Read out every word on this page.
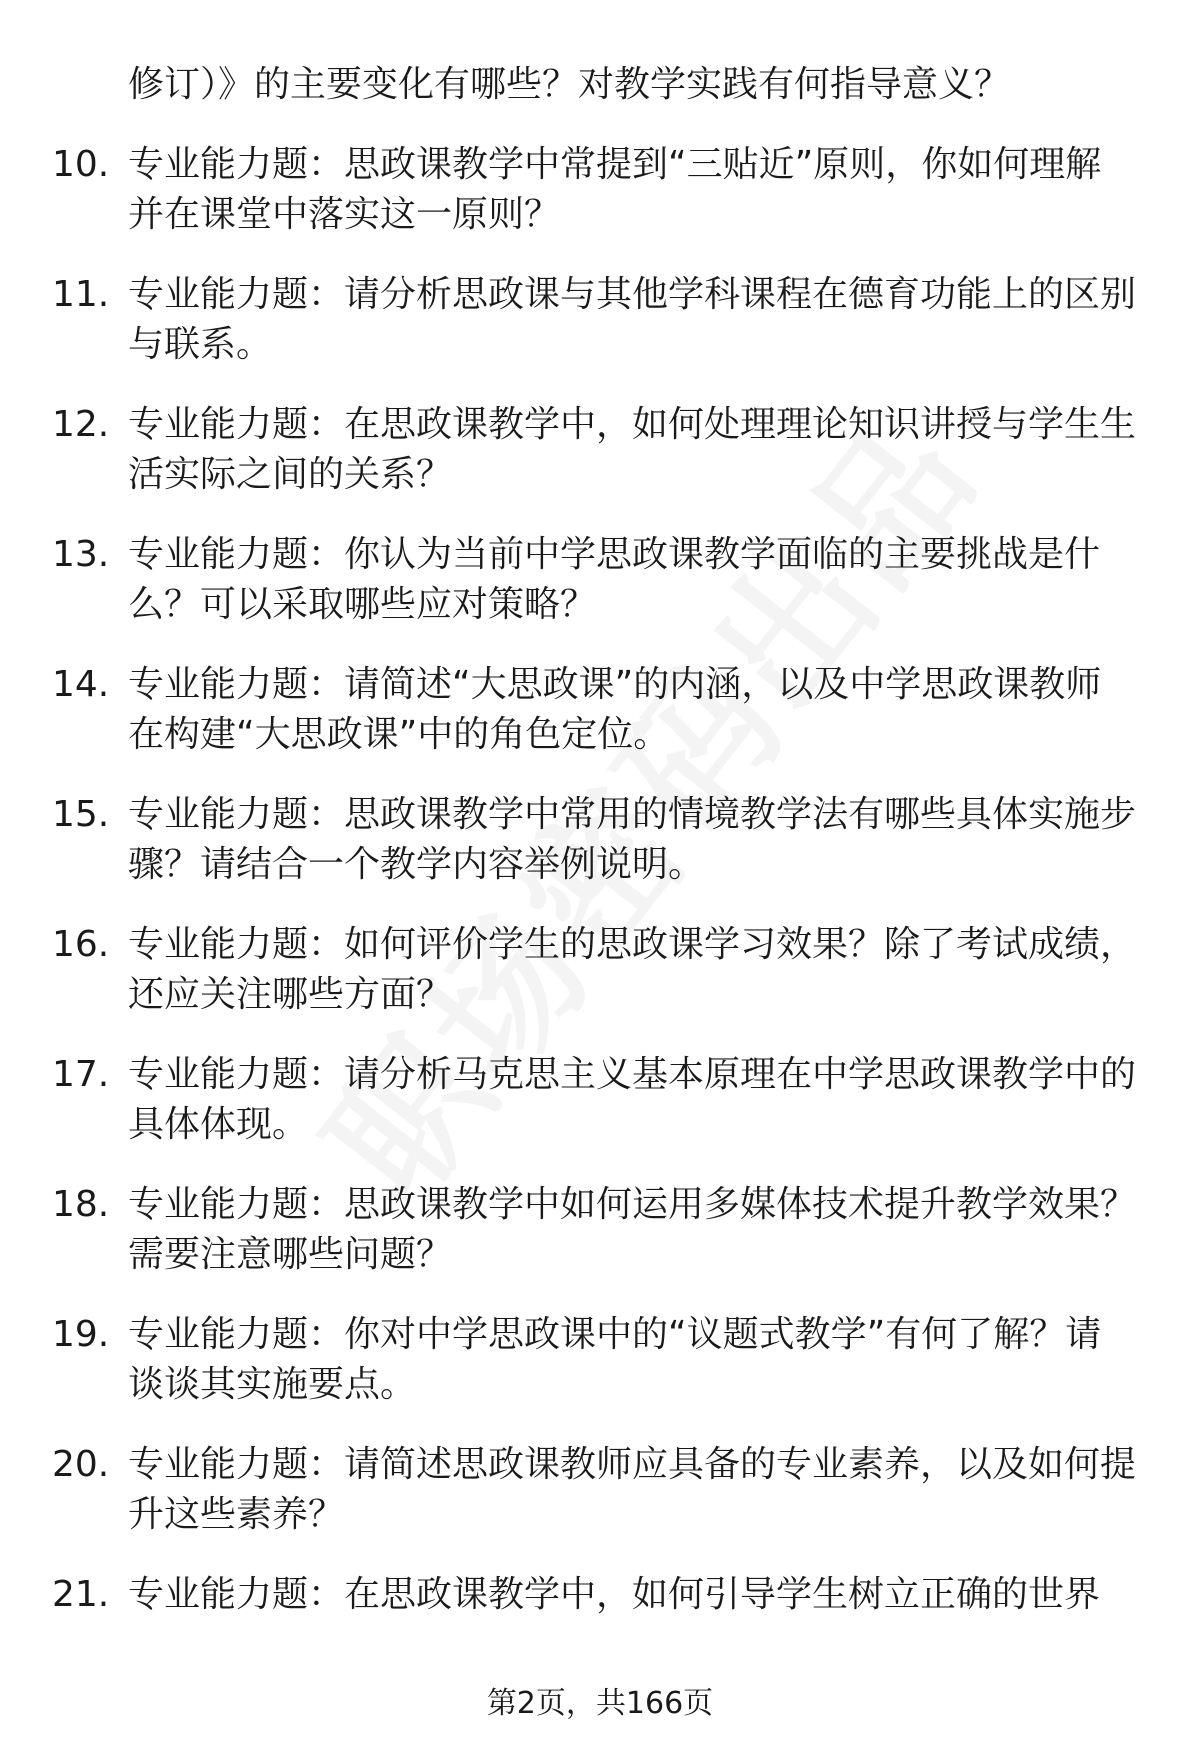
修订）》的主要变化有哪些？对教学实践有何指导意义？
10. 专业能力题：思政课教学中常提到“三贴近”原则，你如何理解
并在课堂中落实这一原则？
11. 专业能力题：请分析思政课与其他学科课程在德育功能上的区别
与联系。
12. 专业能力题：在思政课教学中，如何处理理论知识讲授与学生生
活实际之间的关系？
13. 专业能力题：你认为当前中学思政课教学面临的主要挑战是什
么？可以采取哪些应对策略？
14. 专业能力题：请简述“大思政课”的内涵，以及中学思政课教师
在构建“大思政课”中的角色定位。
15. 专业能力题：思政课教学中常用的情境教学法有哪些具体实施步
骤？请结合一个教学内容举例说明。
16. 专业能力题：如何评价学生的思政课学习效果？除了考试成绩，
还应关注哪些方面？
17. 专业能力题：请分析马克思主义基本原理在中学思政课教学中的
具体体现。
18. 专业能力题：思政课教学中如何运用多媒体技术提升教学效果？
需要注意哪些问题？
19. 专业能力题：你对中学思政课中的“议题式教学”有何了解？请
谈谈其实施要点。
20. 专业能力题：请简述思政课教师应具备的专业素养，以及如何提
升这些素养？
21. 专业能力题：在思政课教学中，如何引导学生树立正确的世界
第2页，共166页
